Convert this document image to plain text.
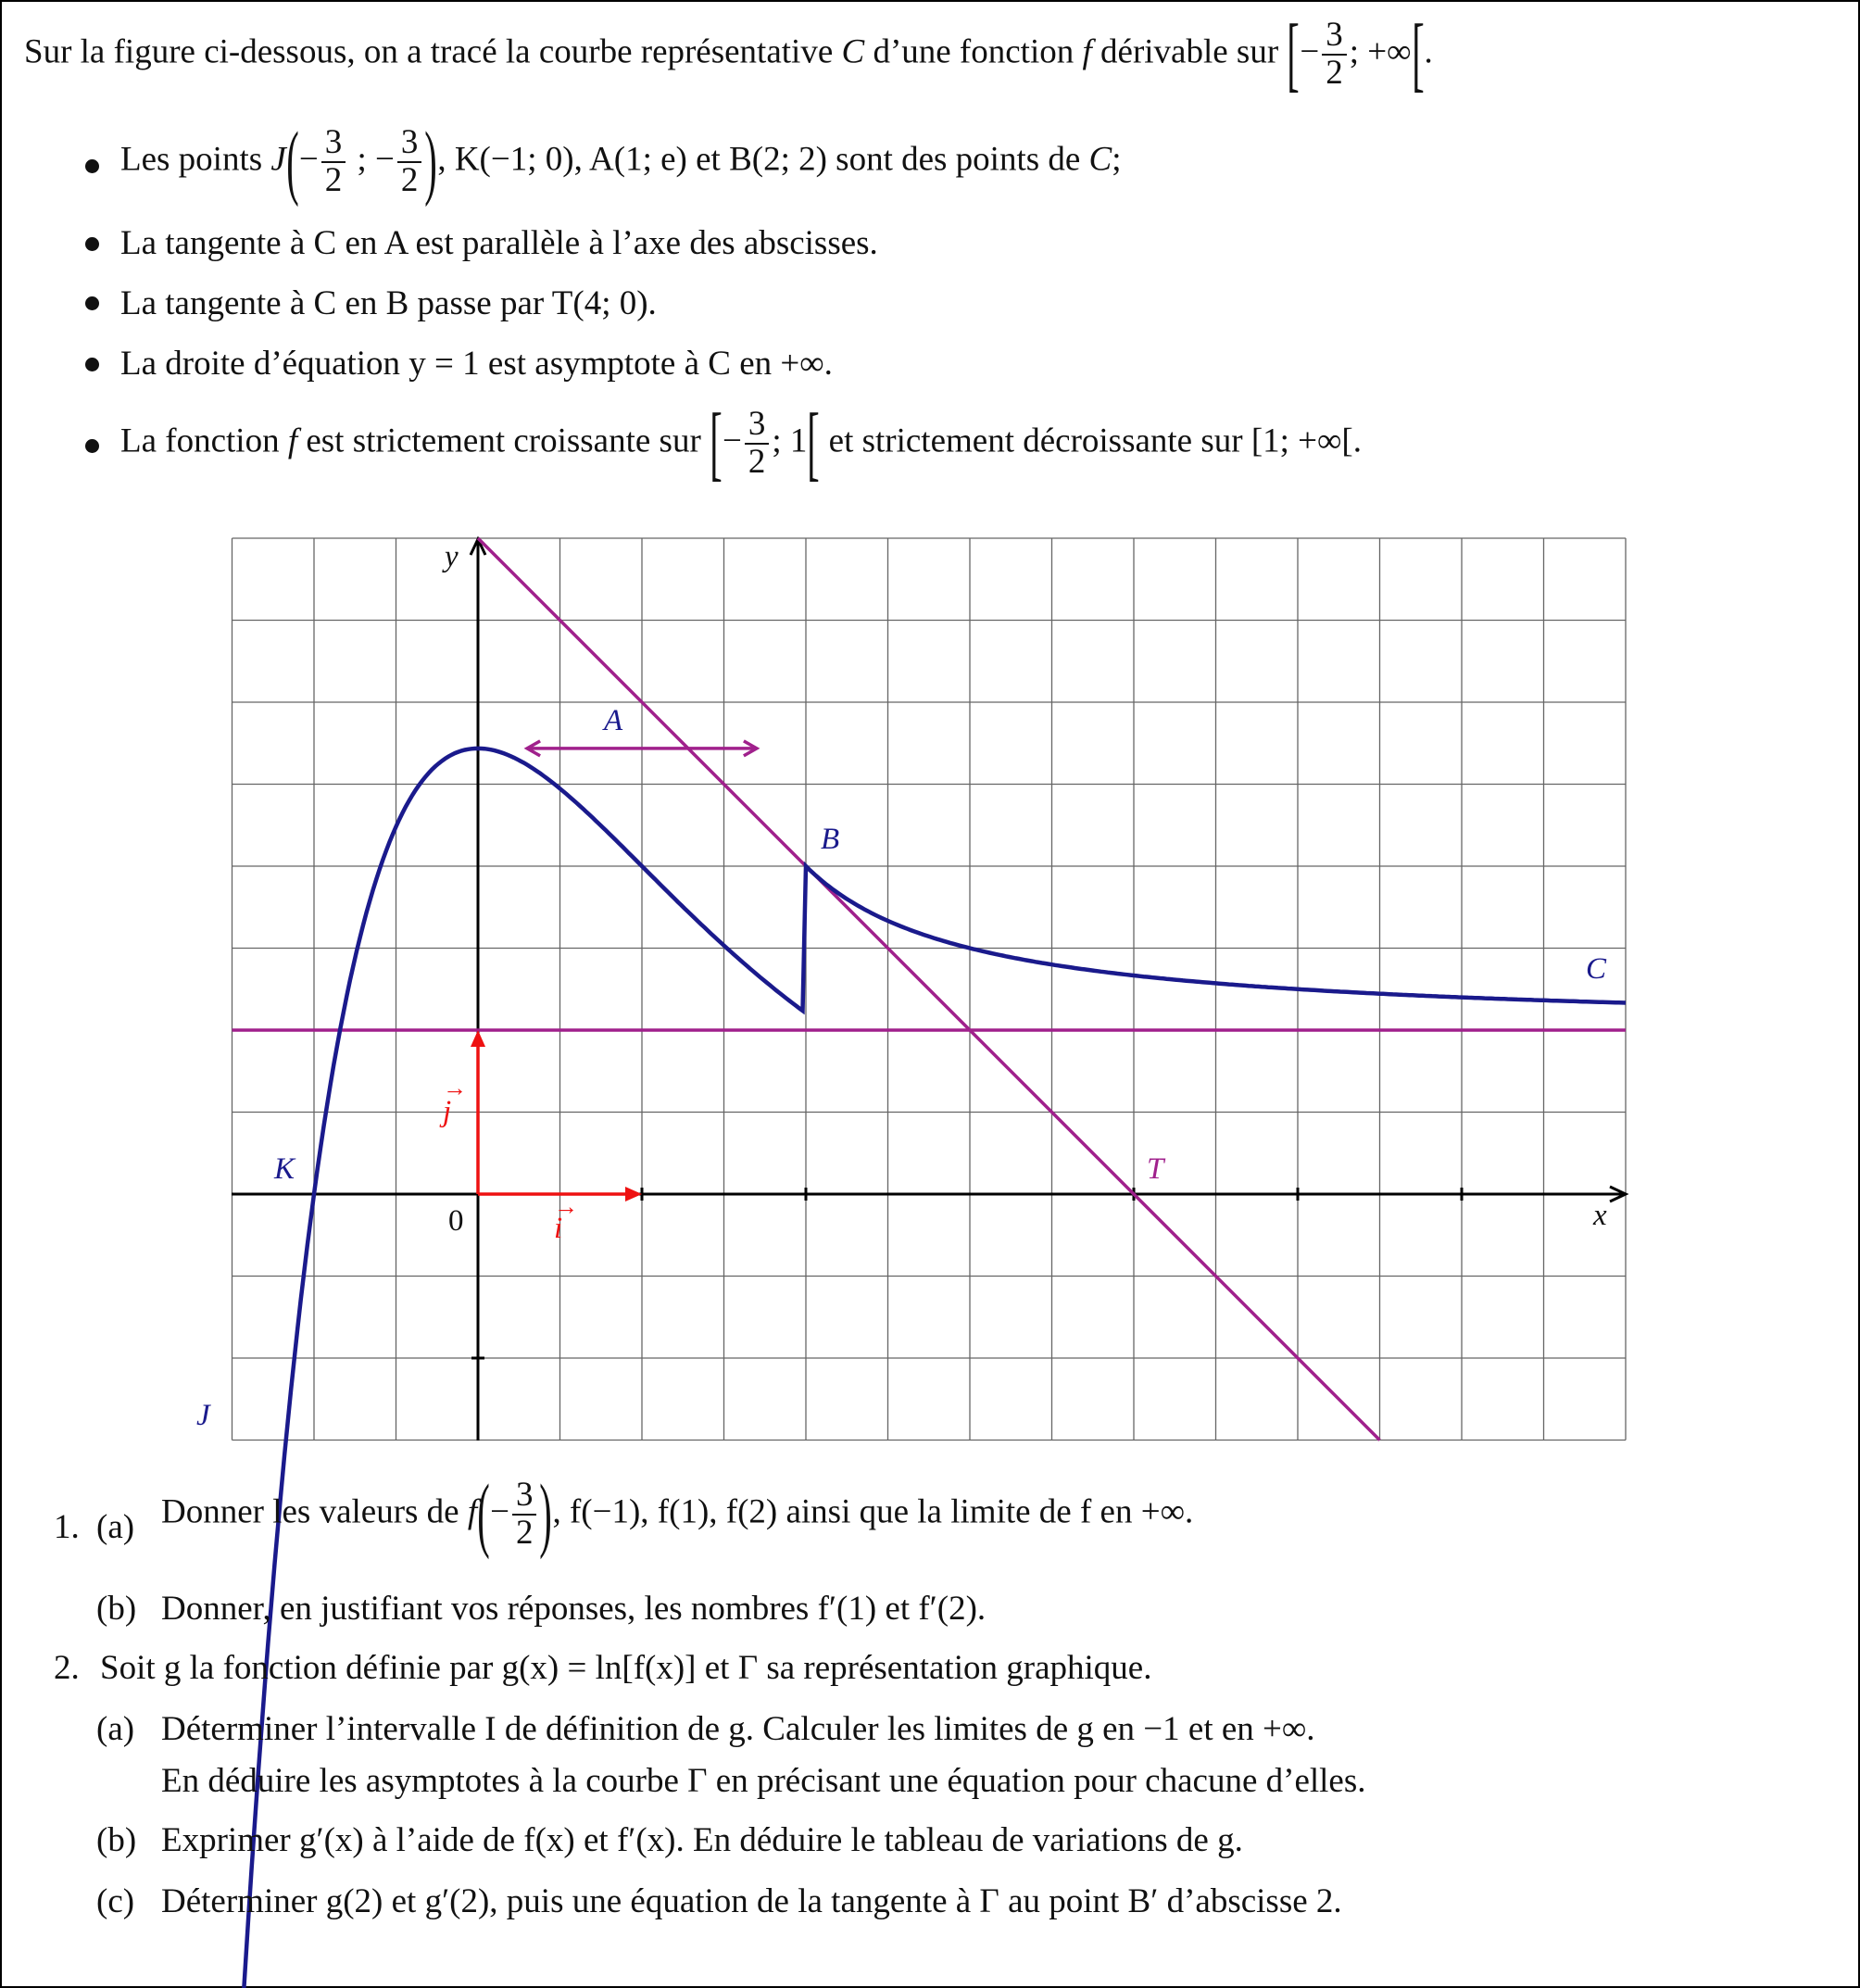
Sur la figure ci-dessous, on a tracé la courbe représentative C d’une fonction f dérivable sur [− $\frac{3}{2}$ ; +∞[.
Les points $J(- \frac{3}{2}$ ; − $\frac{3}{2}$ ), K(−1; 0), A(1; e) et B(2; 2) sont des points de C;
La tangente à C en A est parallèle à l’axe des abscisses.
La tangente à C en B passe par T(4; 0).
La droite d’équation y = 1 est asymptote à C en +∞.
La fonction f est strictement croissante sur [− $\frac{3}{2}$ ; 1[ et strictement décroissante sur [1; +∞[.
y
x
0
A
B
C
K	T
J
→
i
→
j
1. (a) Donner les valeurs de $f(- \frac{3}{2}$ ), f(−1), f(1), f(2) ainsi que la limite de f en +∞.
(b) Donner, en justifiant vos réponses, les nombres f′(1) et f′(2).
2. Soit g la fonction définie par g(x) = ln[f(x)] et Γ sa représentation graphique.
(a) Déterminer l’intervalle I de définition de g. Calculer les limites de g en −1 et en +∞.
En déduire les asymptotes à la courbe Γ en précisant une équation pour chacune d’elles.
(b) Exprimer g′(x) à l’aide de f(x) et f′(x). En déduire le tableau de variations de g.
(c) Déterminer g(2) et g′(2), puis une équation de la tangente à Γ au point B′ d’abscisse 2.
